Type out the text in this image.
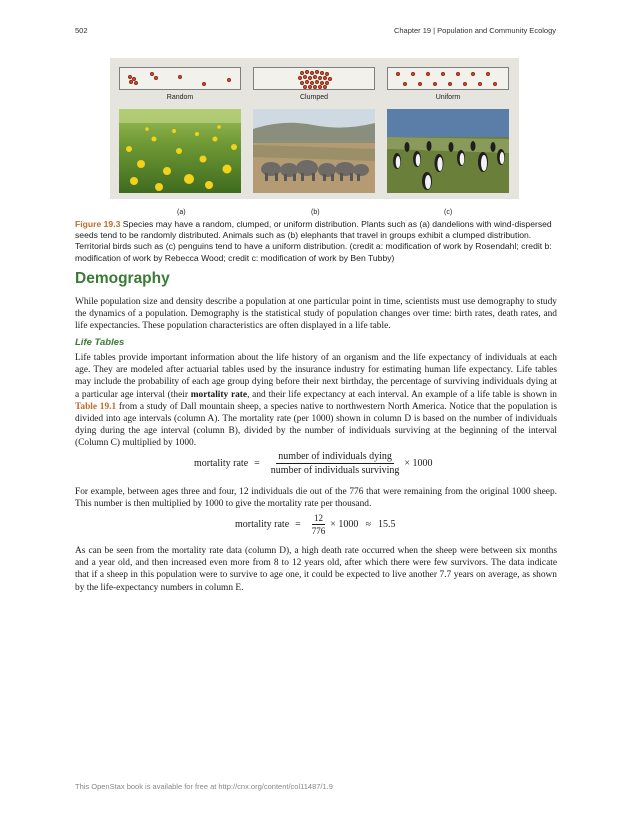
502	Chapter 19 | Population and Community Ecology
Random	Clumped	Uniform
(a)	(b)	(c)

Figure 19.3 Species may have a random, clumped, or uniform distribution. Plants such as (a) dandelions with wind-dispersed seeds tend to be randomly distributed. Animals such as (b) elephants that travel in groups exhibit a clumped distribution. Territorial birds such as (c) penguins tend to have a uniform distribution. (credit a: modification of work by Rosendahl; credit b: modification of work by Rebecca Wood; credit c: modification of work by Ben Tubby)

Demography

While population size and density describe a population at one particular point in time, scientists must use demography to study the dynamics of a population. Demography is the statistical study of population changes over time: birth rates, death rates, and life expectancies. These population characteristics are often displayed in a life table.

Life Tables

Life tables provide important information about the life history of an organism and the life expectancy of individuals at each age. They are modeled after actuarial tables used by the insurance industry for estimating human life expectancy. Life tables may include the probability of each age group dying before their next birthday, the percentage of surviving individuals dying at a particular age interval (their mortality rate, and their life expectancy at each interval. An example of a life table is shown in Table 19.1 from a study of Dall mountain sheep, a species native to northwestern North America. Notice that the population is divided into age intervals (column A). The mortality rate (per 1000) shown in column D is based on the number of individuals dying during the age interval (column B), divided by the number of individuals surviving at the beginning of the interval (Column C) multiplied by 1000.

mortality rate = $\frac{\text{number of individuals dying}}{\text{number of individuals surviving}} \times 1000$

For example, between ages three and four, 12 individuals die out of the 776 that were remaining from the original 1000 sheep. This number is then multiplied by 1000 to give the mortality rate per thousand.

mortality rate = $\frac{12}{776} \times 1000 \approx 15.5$

As can be seen from the mortality rate data (column D), a high death rate occurred when the sheep were between six months and a year old, and then increased even more from 8 to 12 years old, after which there were few survivors. The data indicate that if a sheep in this population were to survive to age one, it could be expected to live another 7.7 years on average, as shown by the life-expectancy numbers in column E.

This OpenStax book is available for free at http://cnx.org/content/col11487/1.9
